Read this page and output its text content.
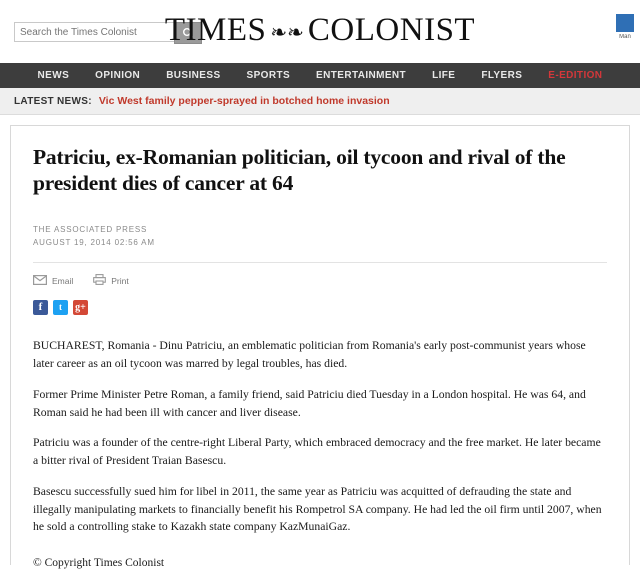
Search the Times Colonist
TIMES ❧❧ COLONIST	Man
NEWS	OPINION	BUSINESS	SPORTS	ENTERTAINMENT	LIFE	FLYERS	E-EDITION
LATEST NEWS: Vic West family pepper-sprayed in botched home invasion
Patriciu, ex-Romanian politician, oil tycoon and rival of the president dies of cancer at 64
THE ASSOCIATED PRESS
AUGUST 19, 2014 02:56 AM
Email	Print
f	t	g+

BUCHAREST, Romania - Dinu Patriciu, an emblematic politician from Romania's early post-communist years whose later career as an oil tycoon was marred by legal troubles, has died.

Former Prime Minister Petre Roman, a family friend, said Patriciu died Tuesday in a London hospital. He was 64, and Roman said he had been ill with cancer and liver disease.

Patriciu was a founder of the centre-right Liberal Party, which embraced democracy and the free market. He later became a bitter rival of President Traian Basescu.

Basescu successfully sued him for libel in 2011, the same year as Patriciu was acquitted of defrauding the state and illegally manipulating markets to financially benefit his Rompetrol SA company. He had led the oil firm until 2007, when he sold a controlling stake to Kazakh state company KazMunaiGaz.

© Copyright Times Colonist
